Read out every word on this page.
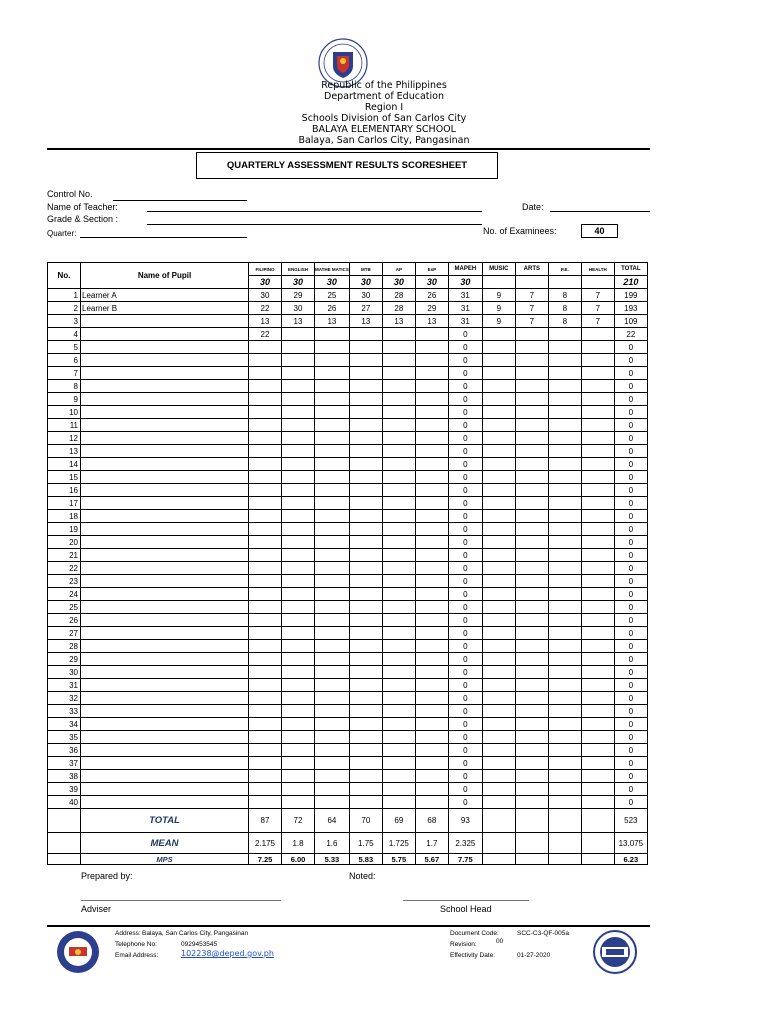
Republic of the Philippines
Department of Education
Region I
Schools Division of San Carlos City
BALAYA ELEMENTARY SCHOOL
Balaya, San Carlos City, Pangasinan
QUARTERLY ASSESSMENT RESULTS SCORESHEET
Control No.
Name of Teacher:
Grade & Section :
Quarter:
Date:
No. of Examinees:	40
No.	Name of Pupil	FILIPINO	ENGLISH	MATHE MATICS	MTB	AP	EsP	MAPEH	MUSIC	ARTS	P.E.	HEALTH	TOTAL
		30	30	30	30	30	30	30					210
1	Learner A	30	29	25	30	28	26	31	9	7	8	7	199
2	Learner B	22	30	26	27	28	29	31	9	7	8	7	193
3		13	13	13	13	13	13	31	9	7	8	7	109
4		22						0					22
5								0					0
6								0					0
7								0					0
8								0					0
9								0					0
10								0					0
11								0					0
12								0					0
13								0					0
14								0					0
15								0					0
16								0					0
17								0					0
18								0					0
19								0					0
20								0					0
21								0					0
22								0					0
23								0					0
24								0					0
25								0					0
26								0					0
27								0					0
28								0					0
29								0					0
30								0					0
31								0					0
32								0					0
33								0					0
34								0					0
35								0					0
36								0					0
37								0					0
38								0					0
39								0					0
40								0					0
	TOTAL	87	72	64	70	69	68	93					523
	MEAN	2.175	1.8	1.6	1.75	1.725	1.7	2.325					13.075
	MPS	7.25	6.00	5.33	5.83	5.75	5.67	7.75					6.23
Prepared by:	Noted:
Adviser	School Head
Address: Balaya, San Carlos City, Pangasinan
Telephone No:	0929453545
Email Address:	102238@deped.gov.ph
Document Code:	SCC-C3-QF-005a
Revision:	00
Effectivity Date:	01-27-2020
